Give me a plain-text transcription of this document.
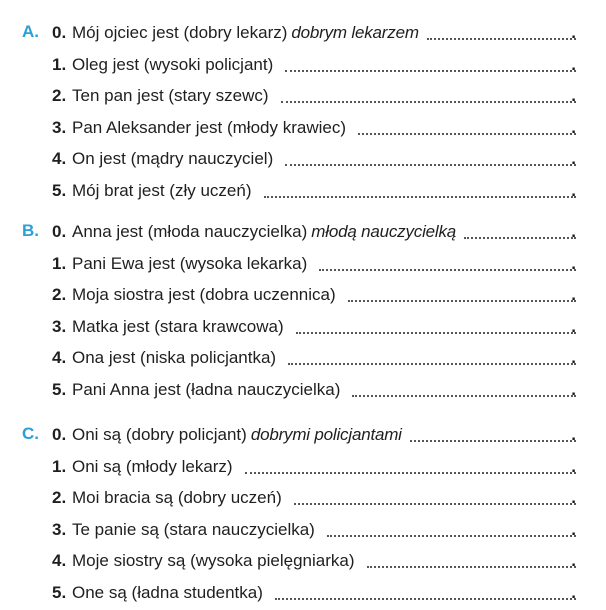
A. 0. Mój ojciec jest (dobry lekarz) dobrym lekarzem	.
1. Oleg jest (wysoki policjant)	.
2. Ten pan jest (stary szewc)	.
3. Pan Aleksander jest (młody krawiec)	.
4. On jest (mądry nauczyciel)	.
5. Mój brat jest (zły uczeń)	.
B. 0. Anna jest (młoda nauczycielka) młodą nauczycielką	.
1. Pani Ewa jest (wysoka lekarka)	.
2. Moja siostra jest (dobra uczennica)	.
3. Matka jest (stara krawcowa)	.
4. Ona jest (niska policjantka)	.
5. Pani Anna jest (ładna nauczycielka)	.
C. 0. Oni są (dobry policjant) dobrymi policjantami	.
1. Oni są (młody lekarz)	.
2. Moi bracia są (dobry uczeń)	.
3. Te panie są (stara nauczycielka)	.
4. Moje siostry są (wysoka pielęgniarka)	.
5. One są (ładna studentka)	.
